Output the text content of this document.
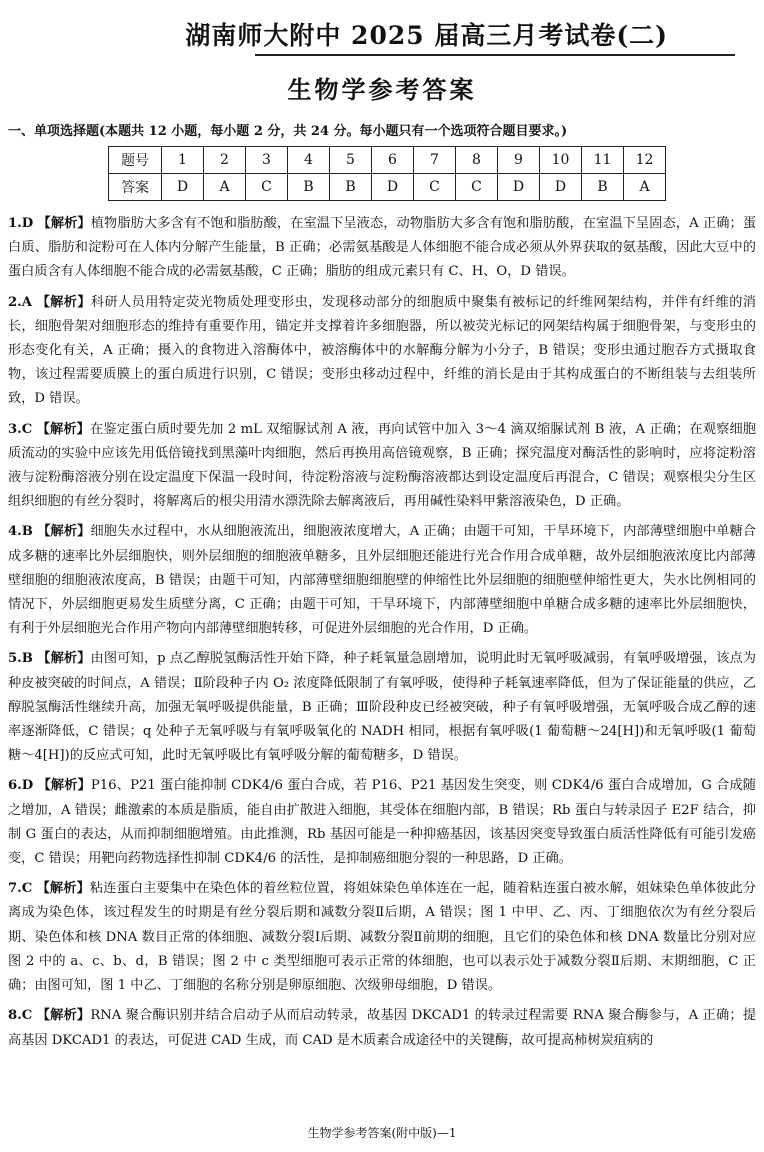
湖南师大附中 2025 届高三月考试卷(二)
生物学参考答案
一、单项选择题(本题共 12 小题，每小题 2 分，共 24 分。每小题只有一个选项符合题目要求。)
题号	1	2	3	4	5	6	7	8	9	10	11	12
答案	D	A	C	B	B	D	C	C	D	D	B	A
1.D 【解析】植物脂肪大多含有不饱和脂肪酸，在室温下呈液态，动物脂肪大多含有饱和脂肪酸，在室温下呈固态，A 正确；蛋白质、脂肪和淀粉可在人体内分解产生能量，B 正确；必需氨基酸是人体细胞不能合成必须从外界获取的氨基酸，因此大豆中的蛋白质含有人体细胞不能合成的必需氨基酸，C 正确；脂肪的组成元素只有 C、H、O，D 错误。
2.A 【解析】科研人员用特定荧光物质处理变形虫，发现移动部分的细胞质中聚集有被标记的纤维网架结构，并伴有纤维的消长，细胞骨架对细胞形态的维持有重要作用，锚定并支撑着许多细胞器，所以被荧光标记的网架结构属于细胞骨架，与变形虫的形态变化有关，A 正确；摄入的食物进入溶酶体中，被溶酶体中的水解酶分解为小分子，B 错误；变形虫通过胞吞方式摄取食物，该过程需要质膜上的蛋白质进行识别，C 错误；变形虫移动过程中，纤维的消长是由于其构成蛋白的不断组装与去组装所致，D 错误。
3.C 【解析】在鉴定蛋白质时要先加 2 mL 双缩脲试剂 A 液，再向试管中加入 3～4 滴双缩脲试剂 B 液，A 正确；在观察细胞质流动的实验中应该先用低倍镜找到黑藻叶肉细胞，然后再换用高倍镜观察，B 正确；探究温度对酶活性的影响时，应将淀粉溶液与淀粉酶溶液分别在设定温度下保温一段时间，待淀粉溶液与淀粉酶溶液都达到设定温度后再混合，C 错误；观察根尖分生区组织细胞的有丝分裂时，将解离后的根尖用清水漂洗除去解离液后，再用碱性染料甲紫溶液染色，D 正确。
4.B 【解析】细胞失水过程中，水从细胞液流出，细胞液浓度增大，A 正确；由题干可知，干旱环境下，内部薄壁细胞中单糖合成多糖的速率比外层细胞快，则外层细胞的细胞液单糖多，且外层细胞还能进行光合作用合成单糖，故外层细胞液浓度比内部薄壁细胞的细胞液浓度高，B 错误；由题干可知，内部薄壁细胞细胞壁的伸缩性比外层细胞的细胞壁伸缩性更大，失水比例相同的情况下，外层细胞更易发生质壁分离，C 正确；由题干可知，干旱环境下，内部薄壁细胞中单糖合成多糖的速率比外层细胞快，有利于外层细胞光合作用产物向内部薄壁细胞转移，可促进外层细胞的光合作用，D 正确。
5.B 【解析】由图可知，p 点乙醇脱氢酶活性开始下降，种子耗氧量急剧增加，说明此时无氧呼吸减弱，有氧呼吸增强，该点为种皮被突破的时间点，A 错误；Ⅱ阶段种子内 O₂ 浓度降低限制了有氧呼吸，使得种子耗氧速率降低，但为了保证能量的供应，乙醇脱氢酶活性继续升高，加强无氧呼吸提供能量，B 正确；Ⅲ阶段种皮已经被突破，种子有氧呼吸增强，无氧呼吸合成乙醇的速率逐渐降低，C 错误；q 处种子无氧呼吸与有氧呼吸氧化的 NADH 相同，根据有氧呼吸(1 葡萄糖～24[H])和无氧呼吸(1 葡萄糖～4[H])的反应式可知，此时无氧呼吸比有氧呼吸分解的葡萄糖多，D 错误。
6.D 【解析】P16、P21 蛋白能抑制 CDK4/6 蛋白合成，若 P16、P21 基因发生突变，则 CDK4/6 蛋白合成增加，G 合成随之增加，A 错误；雌激素的本质是脂质，能自由扩散进入细胞，其受体在细胞内部，B 错误；Rb 蛋白与转录因子 E2F 结合，抑制 G 蛋白的表达，从而抑制细胞增殖。由此推测，Rb 基因可能是一种抑癌基因，该基因突变导致蛋白质活性降低有可能引发癌变，C 错误；用靶向药物选择性抑制 CDK4/6 的活性，是抑制癌细胞分裂的一种思路，D 正确。
7.C 【解析】粘连蛋白主要集中在染色体的着丝粒位置，将姐妹染色单体连在一起，随着粘连蛋白被水解，姐妹染色单体彼此分离成为染色体，该过程发生的时期是有丝分裂后期和减数分裂Ⅱ后期，A 错误；图 1 中甲、乙、丙、丁细胞依次为有丝分裂后期、染色体和核 DNA 数目正常的体细胞、减数分裂Ⅰ后期、减数分裂Ⅱ前期的细胞，且它们的染色体和核 DNA 数量比分别对应图 2 中的 a、c、b、d，B 错误；图 2 中 c 类型细胞可表示正常的体细胞，也可以表示处于减数分裂Ⅱ后期、末期细胞，C 正确；由图可知，图 1 中乙、丁细胞的名称分别是卵原细胞、次级卵母细胞，D 错误。
8.C 【解析】RNA 聚合酶识别并结合启动子从而启动转录，故基因 DKCAD1 的转录过程需要 RNA 聚合酶参与，A 正确；提高基因 DKCAD1 的表达，可促进 CAD 生成，而 CAD 是木质素合成途径中的关键酶，故可提高柿树炭疽病的
生物学参考答案(附中版)—1
